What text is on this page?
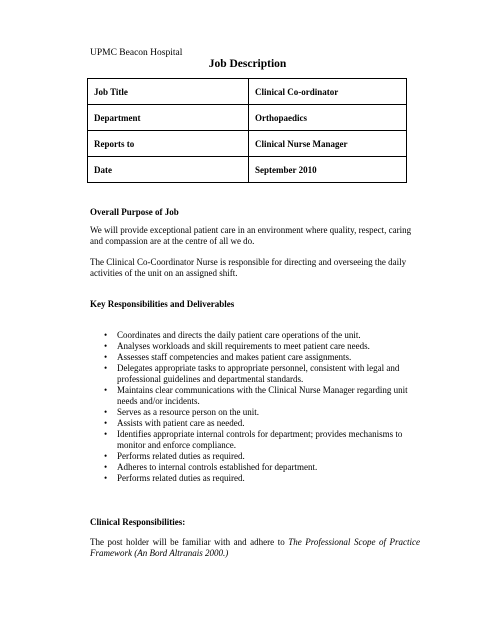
UPMC Beacon Hospital
Job Description
Job Title	Clinical Co-ordinator
Department	Orthopaedics
Reports to	Clinical Nurse Manager
Date	September 2010
Overall Purpose of Job
We will provide exceptional patient care in an environment where quality, respect, caring and compassion are at the centre of all we do.
The Clinical Co-Coordinator Nurse is responsible for directing and overseeing the daily activities of the unit on an assigned shift.
Key Responsibilities and Deliverables
• Coordinates and directs the daily patient care operations of the unit.
• Analyses workloads and skill requirements to meet patient care needs.
• Assesses staff competencies and makes patient care assignments.
• Delegates appropriate tasks to appropriate personnel, consistent with legal and professional guidelines and departmental standards.
• Maintains clear communications with the Clinical Nurse Manager regarding unit needs and/or incidents.
• Serves as a resource person on the unit.
• Assists with patient care as needed.
• Identifies appropriate internal controls for department; provides mechanisms to monitor and enforce compliance.
• Performs related duties as required.
• Adheres to internal controls established for department.
• Performs related duties as required.
Clinical Responsibilities:
The post holder will be familiar with and adhere to The Professional Scope of Practice Framework (An Bord Altranais 2000.)
